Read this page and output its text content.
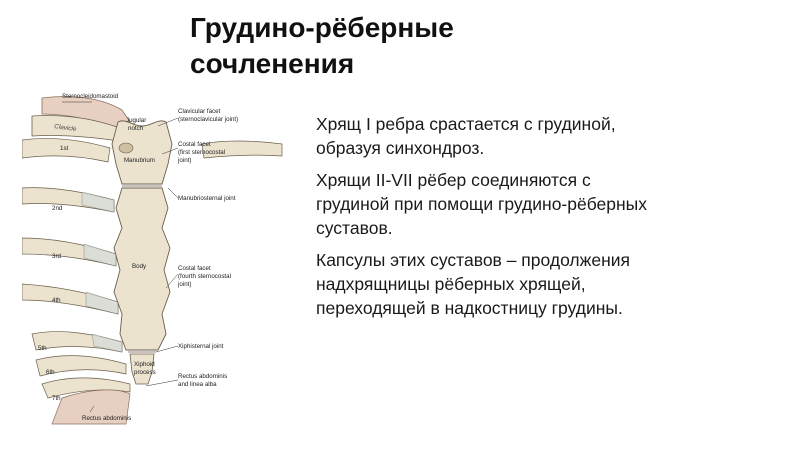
Грудино-рёберные
сочленения

Хрящ I ребра срастается с грудиной,
образуя синхондроз.

Хрящи II-VII рёбер соединяются с
грудиной при помощи грудино-рёберных
суставов.

Капсулы этих суставов – продолжения
надхрящницы рёберных хрящей,
переходящей в надкостницу грудины.

Sternocleidomastoid
Clavicle
Jugular
notch
Clavicular facet
(sternoclavicular joint)
Costal facet
(first sternocostal
joint)
Manubrium
Manubriosternal joint
Body	Costal facet
(fourth sternocostal
joint)
Xiphisternal joint
Xiphoid
process
Rectus abdominis
and linea alba
Rectus abdominis
1st
2nd
3rd
4th
5th
6th
7th
